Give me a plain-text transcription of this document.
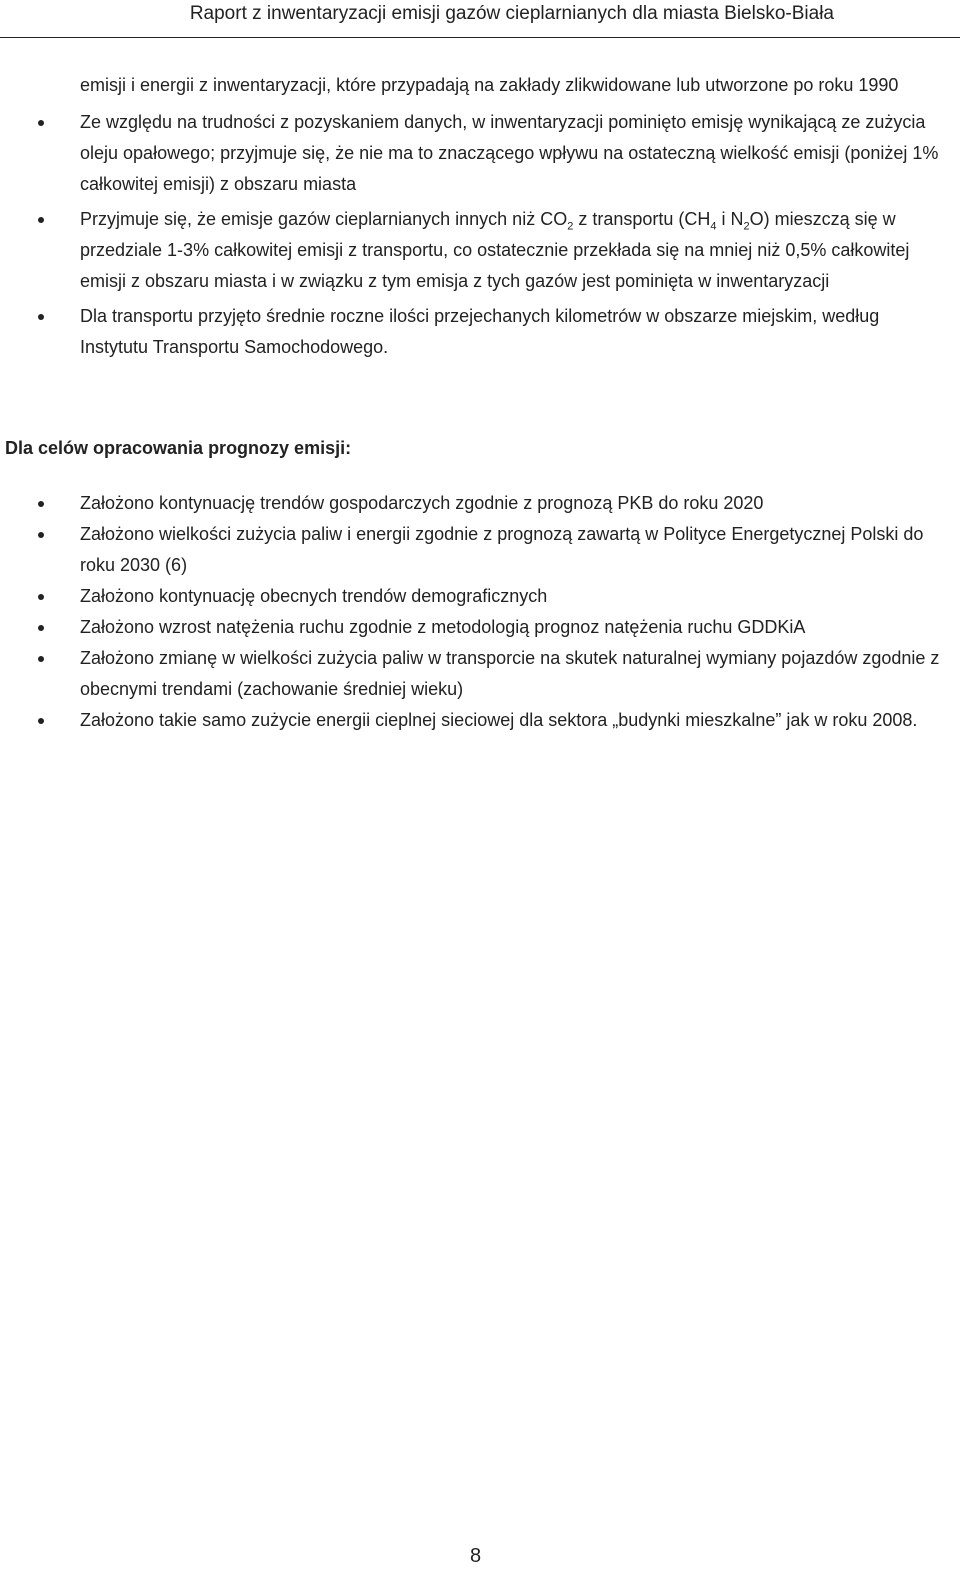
Raport z inwentaryzacji emisji gazów cieplarnianych dla miasta Bielsko-Biała

emisji i energii z inwentaryzacji, które przypadają na zakłady zlikwidowane lub utworzone po roku 1990

Ze względu na trudności z pozyskaniem danych, w inwentaryzacji pominięto emisję wynikającą ze zużycia oleju opałowego; przyjmuje się, że nie ma to znaczącego wpływu na ostateczną wielkość emisji (poniżej 1% całkowitej emisji) z obszaru miasta
Przyjmuje się, że emisje gazów cieplarnianych innych niż $CO_2$ z transportu ($CH_4$ i $N_2O$) mieszczą się w przedziale 1-3% całkowitej emisji z transportu, co ostatecznie przekłada się na mniej niż 0,5% całkowitej emisji z obszaru miasta i w związku z tym emisja z tych gazów jest pominięta w inwentaryzacji
Dla transportu przyjęto średnie roczne ilości przejechanych kilometrów w obszarze miejskim, według Instytutu Transportu Samochodowego.
Dla celów opracowania prognozy emisji:
Założono kontynuację trendów gospodarczych zgodnie z prognozą PKB do roku 2020
Założono wielkości zużycia paliw i energii zgodnie z prognozą zawartą w Polityce Energetycznej Polski do roku 2030 (6)
Założono kontynuację obecnych trendów demograficznych
Założono wzrost natężenia ruchu zgodnie z metodologią prognoz natężenia ruchu GDDKiA
Założono zmianę w wielkości zużycia paliw w transporcie na skutek naturalnej wymiany pojazdów zgodnie z obecnymi trendami (zachowanie średniej wieku)
Założono takie samo zużycie energii cieplnej sieciowej dla sektora „budynki mieszkalne” jak w roku 2008.
8
